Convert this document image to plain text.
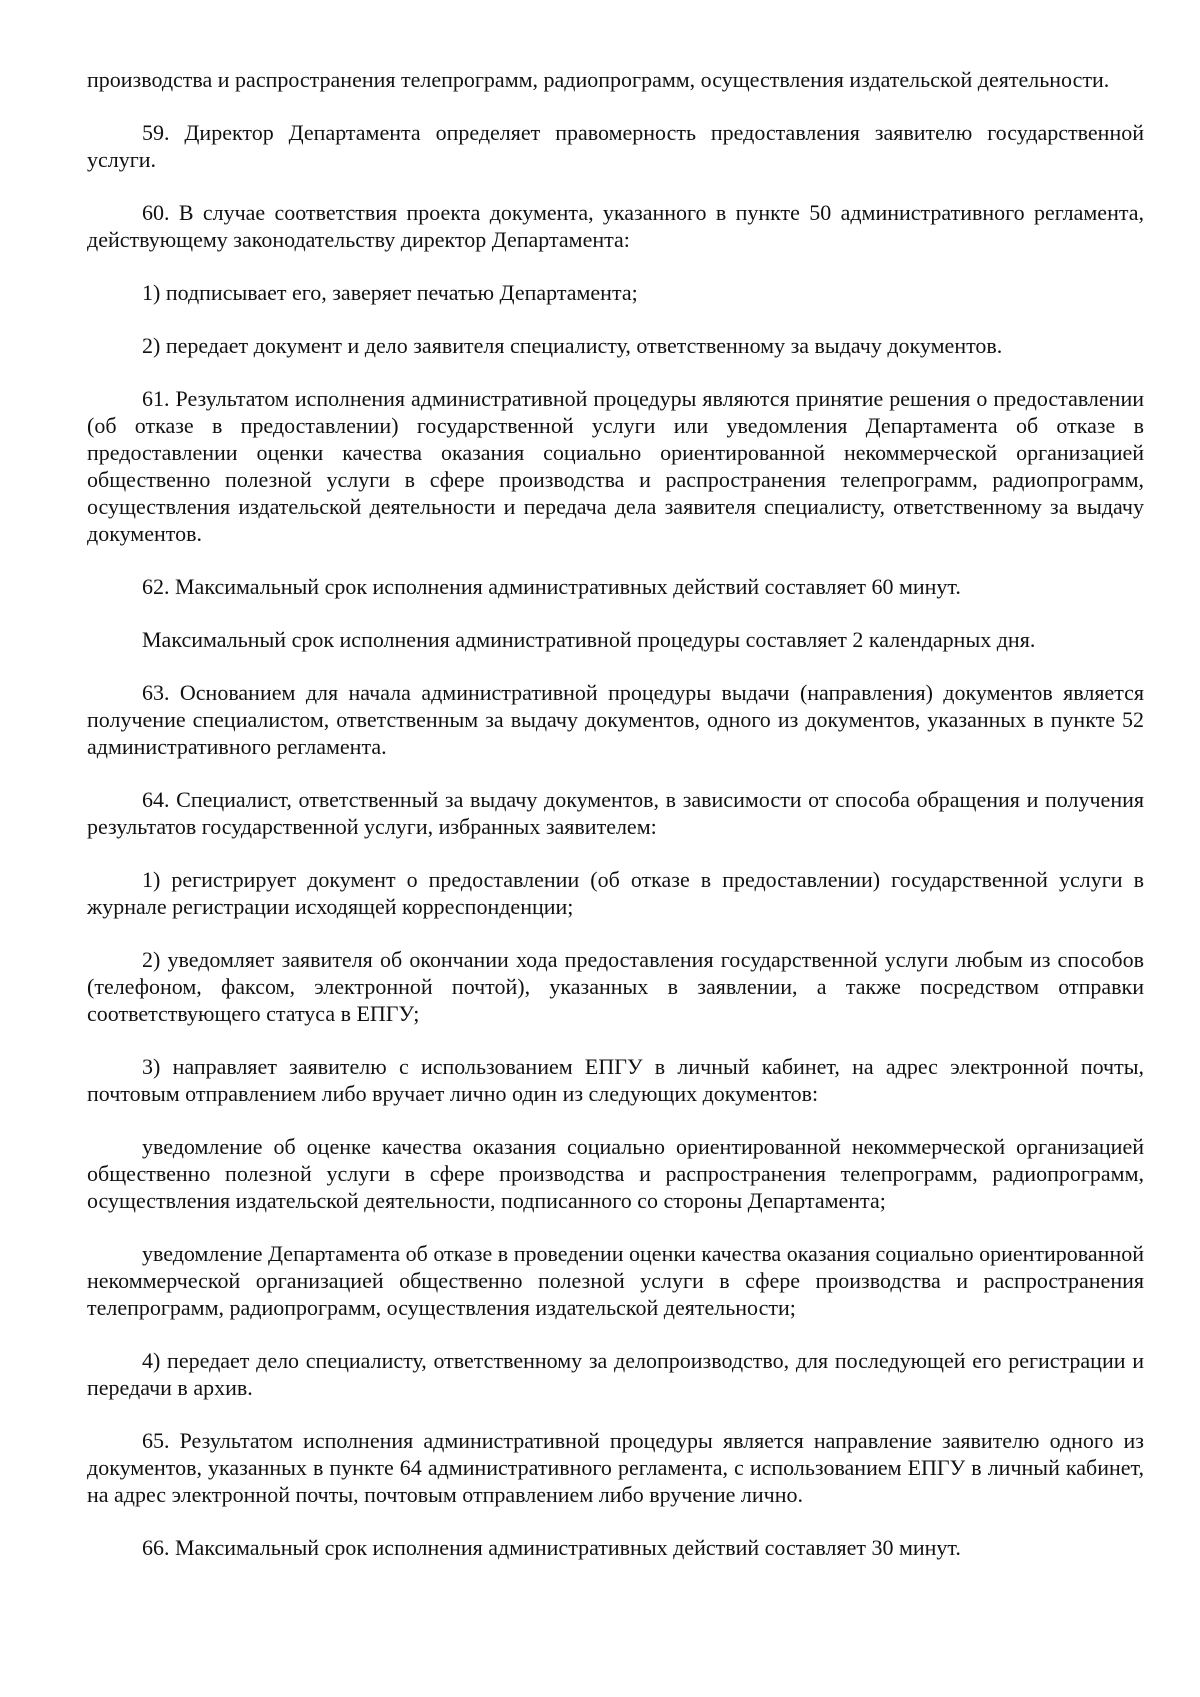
производства и распространения телепрограмм, радиопрограмм, осуществления издательской деятельности.

59. Директор Департамента определяет правомерность предоставления заявителю государственной услуги.

60. В случае соответствия проекта документа, указанного в пункте 50 административного регламента, действующему законодательству директор Департамента:

1) подписывает его, заверяет печатью Департамента;

2) передает документ и дело заявителя специалисту, ответственному за выдачу документов.

61. Результатом исполнения административной процедуры являются принятие решения о предоставлении (об отказе в предоставлении) государственной услуги или уведомления Департамента об отказе в предоставлении оценки качества оказания социально ориентированной некоммерческой организацией общественно полезной услуги в сфере производства и распространения телепрограмм, радиопрограмм, осуществления издательской деятельности и передача дела заявителя специалисту, ответственному за выдачу документов.

62. Максимальный срок исполнения административных действий составляет 60 минут.

Максимальный срок исполнения административной процедуры составляет 2 календарных дня.

63. Основанием для начала административной процедуры выдачи (направления) документов является получение специалистом, ответственным за выдачу документов, одного из документов, указанных в пункте 52 административного регламента.

64. Специалист, ответственный за выдачу документов, в зависимости от способа обращения и получения результатов государственной услуги, избранных заявителем:

1) регистрирует документ о предоставлении (об отказе в предоставлении) государственной услуги в журнале регистрации исходящей корреспонденции;

2) уведомляет заявителя об окончании хода предоставления государственной услуги любым из способов (телефоном, факсом, электронной почтой), указанных в заявлении, а также посредством отправки соответствующего статуса в ЕПГУ;

3) направляет заявителю с использованием ЕПГУ в личный кабинет, на адрес электронной почты, почтовым отправлением либо вручает лично один из следующих документов:

уведомление об оценке качества оказания социально ориентированной некоммерческой организацией общественно полезной услуги в сфере производства и распространения телепрограмм, радиопрограмм, осуществления издательской деятельности, подписанного со стороны Департамента;

уведомление Департамента об отказе в проведении оценки качества оказания социально ориентированной некоммерческой организацией общественно полезной услуги в сфере производства и распространения телепрограмм, радиопрограмм, осуществления издательской деятельности;

4) передает дело специалисту, ответственному за делопроизводство, для последующей его регистрации и передачи в архив.

65. Результатом исполнения административной процедуры является направление заявителю одного из документов, указанных в пункте 64 административного регламента, с использованием ЕПГУ в личный кабинет, на адрес электронной почты, почтовым отправлением либо вручение лично.

66. Максимальный срок исполнения административных действий составляет 30 минут.
